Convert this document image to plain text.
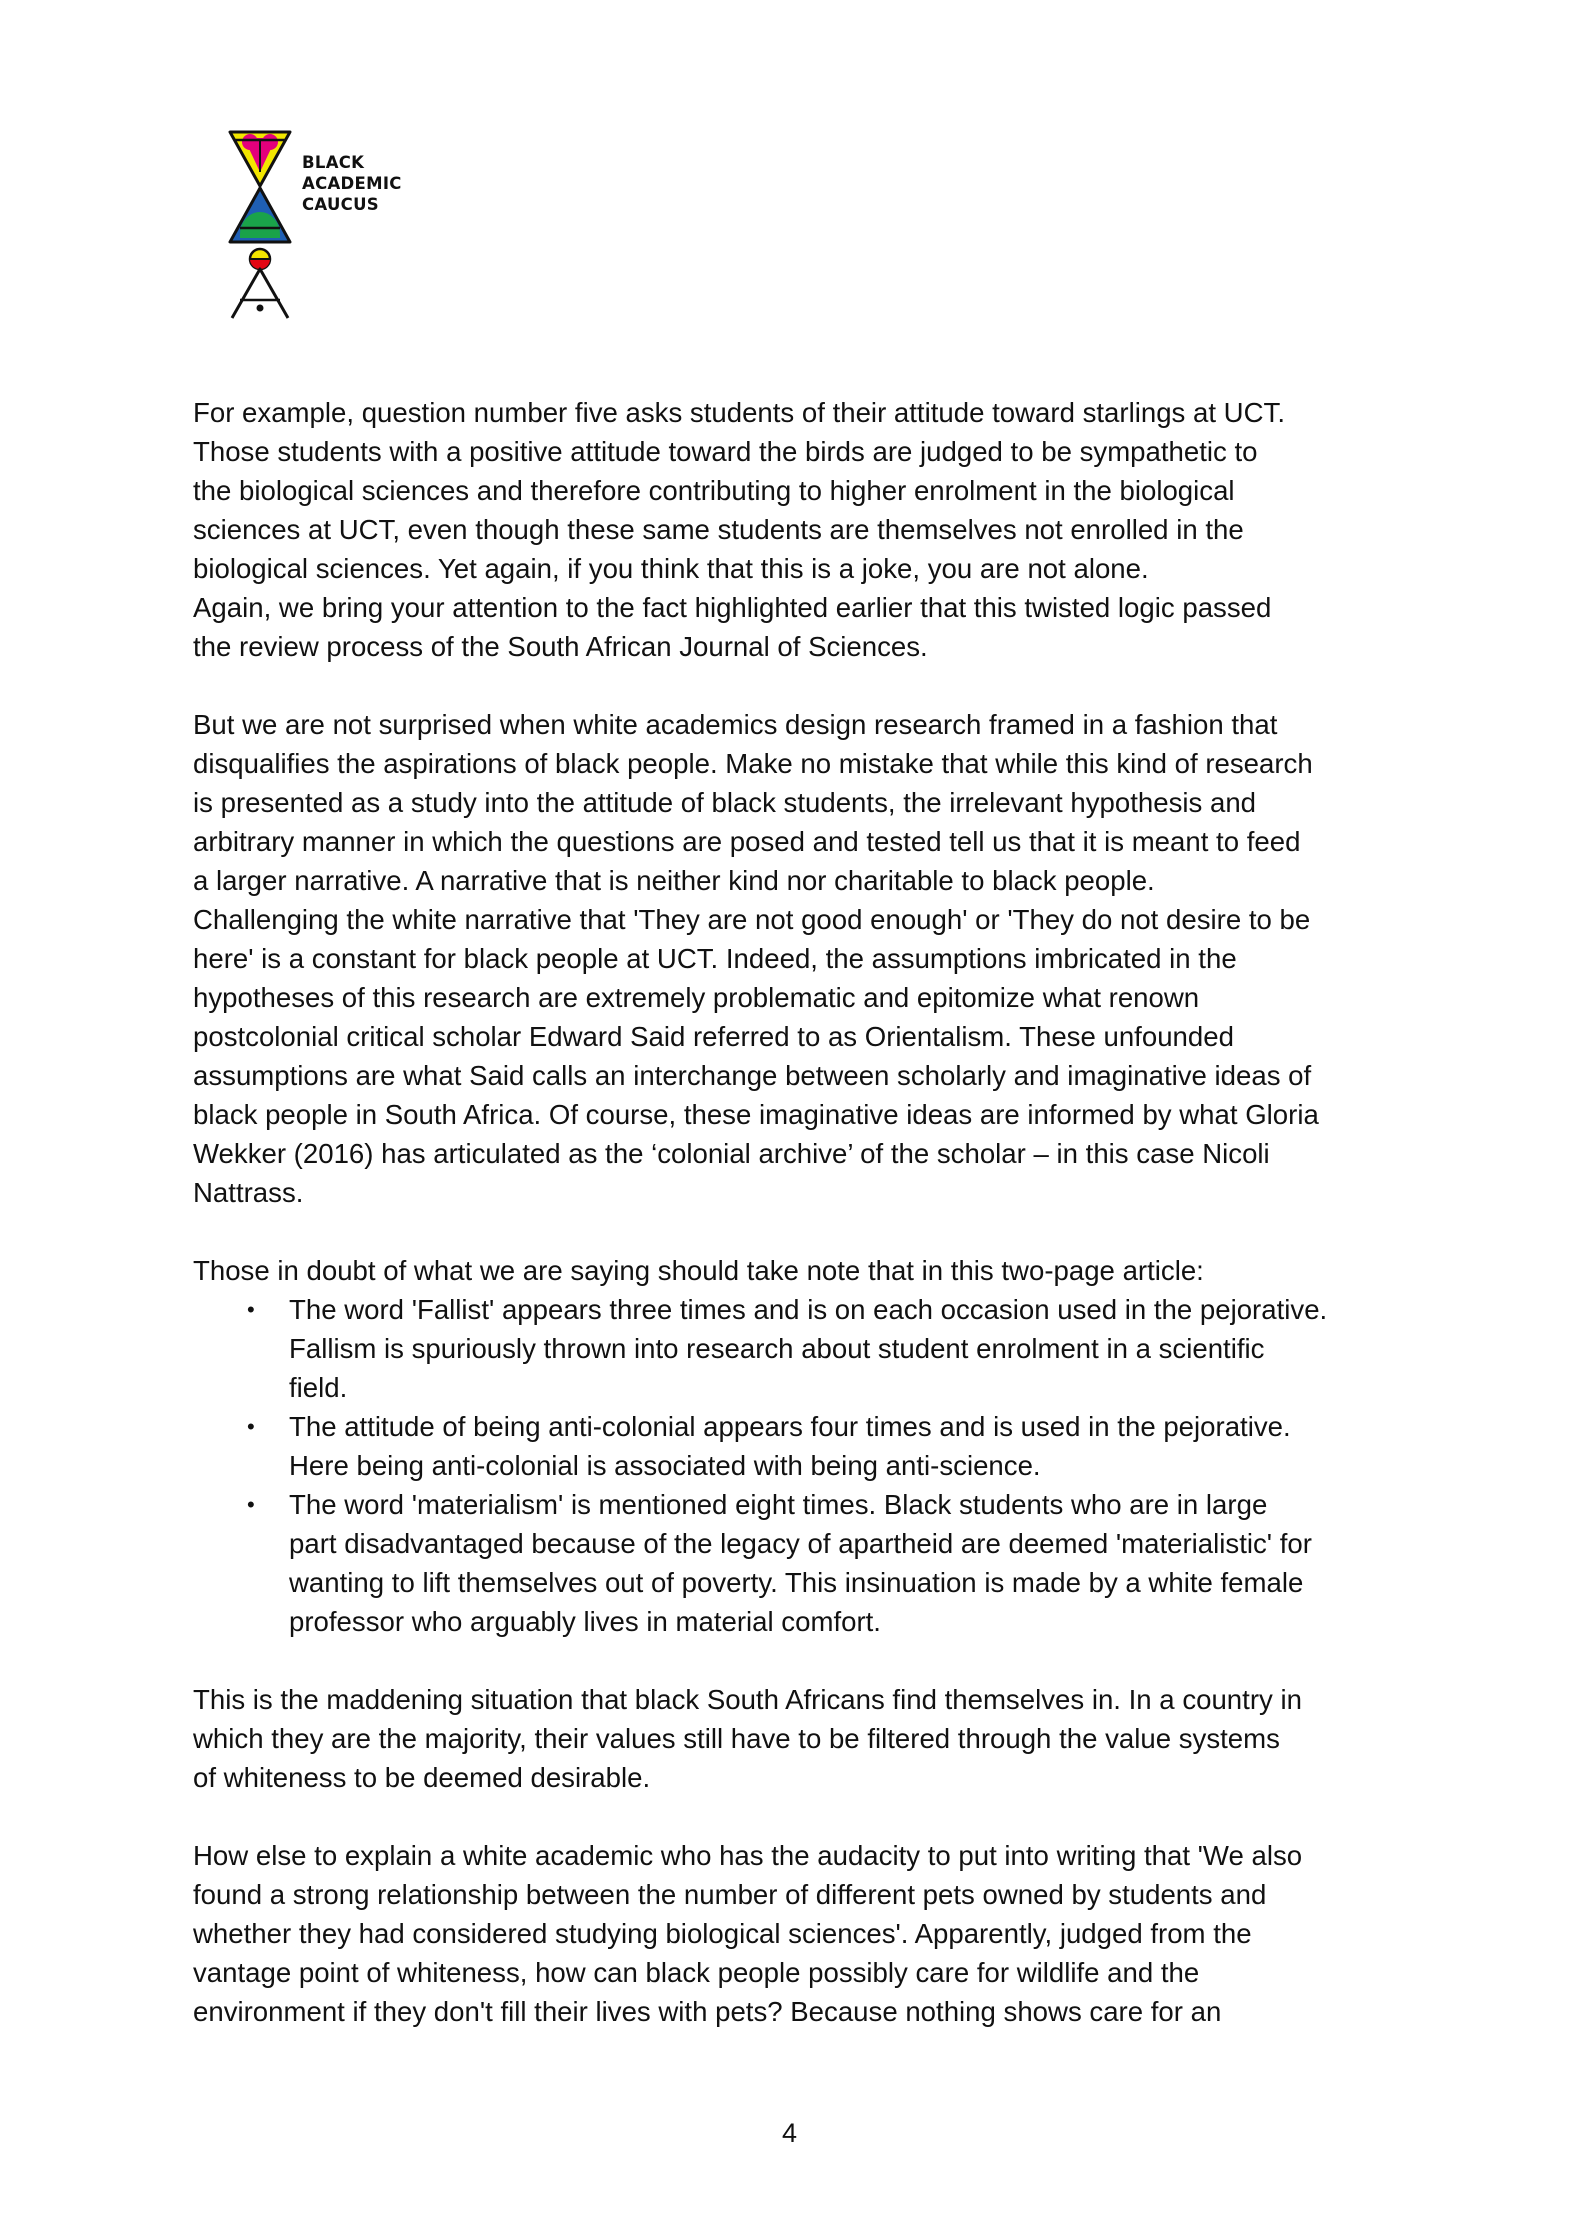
BLACK
ACADEMIC
CAUCUS
For example, question number five asks students of their attitude toward starlings at UCT.
Those students with a positive attitude toward the birds are judged to be sympathetic to
the biological sciences and therefore contributing to higher enrolment in the biological
sciences at UCT, even though these same students are themselves not enrolled in the
biological sciences. Yet again, if you think that this is a joke, you are not alone.
Again, we bring your attention to the fact highlighted earlier that this twisted logic passed
the review process of the South African Journal of Sciences.
But we are not surprised when white academics design research framed in a fashion that
disqualifies the aspirations of black people. Make no mistake that while this kind of research
is presented as a study into the attitude of black students, the irrelevant hypothesis and
arbitrary manner in which the questions are posed and tested tell us that it is meant to feed
a larger narrative. A narrative that is neither kind nor charitable to black people.
Challenging the white narrative that 'They are not good enough' or 'They do not desire to be
here' is a constant for black people at UCT. Indeed, the assumptions imbricated in the
hypotheses of this research are extremely problematic and epitomize what renown
postcolonial critical scholar Edward Said referred to as Orientalism. These unfounded
assumptions are what Said calls an interchange between scholarly and imaginative ideas of
black people in South Africa. Of course, these imaginative ideas are informed by what Gloria
Wekker (2016) has articulated as the ‘colonial archive’ of the scholar – in this case Nicoli
Nattrass.
Those in doubt of what we are saying should take note that in this two-page article:
• The word 'Fallist' appears three times and is on each occasion used in the pejorative.
Fallism is spuriously thrown into research about student enrolment in a scientific
field.
• The attitude of being anti-colonial appears four times and is used in the pejorative.
Here being anti-colonial is associated with being anti-science.
• The word 'materialism' is mentioned eight times. Black students who are in large
part disadvantaged because of the legacy of apartheid are deemed 'materialistic' for
wanting to lift themselves out of poverty. This insinuation is made by a white female
professor who arguably lives in material comfort.
This is the maddening situation that black South Africans find themselves in. In a country in
which they are the majority, their values still have to be filtered through the value systems
of whiteness to be deemed desirable.
How else to explain a white academic who has the audacity to put into writing that 'We also
found a strong relationship between the number of different pets owned by students and
whether they had considered studying biological sciences'. Apparently, judged from the
vantage point of whiteness, how can black people possibly care for wildlife and the
environment if they don't fill their lives with pets? Because nothing shows care for an
4
